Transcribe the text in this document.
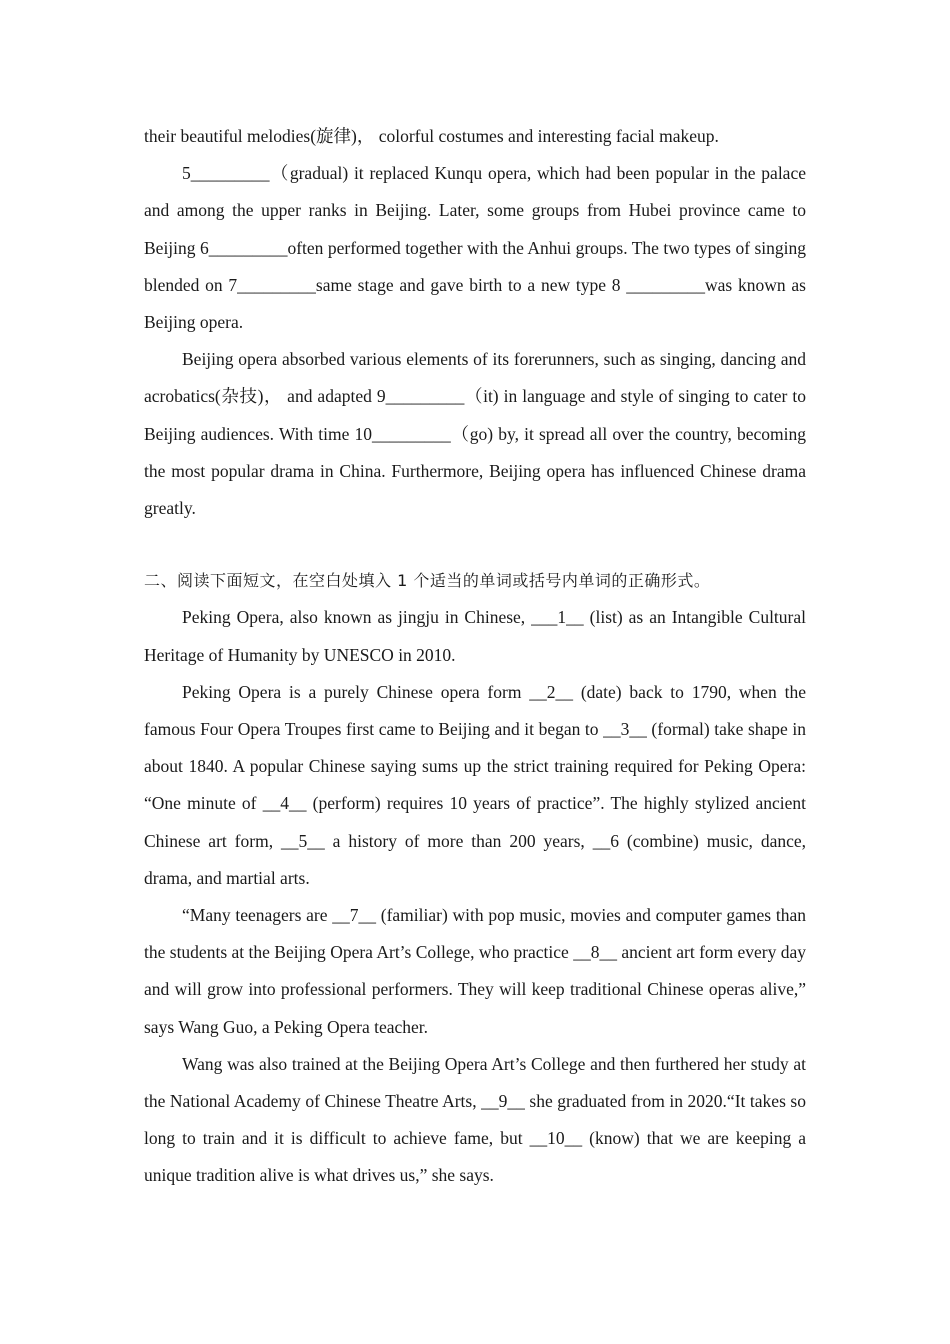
their beautiful melodies(旋律)， colorful costumes and interesting facial makeup.

5_________（gradual) it replaced Kunqu opera, which had been popular in the palace and among the upper ranks in Beijing. Later, some groups from Hubei province came to Beijing 6_________often performed together with the Anhui groups. The two types of singing blended on 7_________same stage and gave birth to a new type 8 _________was known as Beijing opera.

Beijing opera absorbed various elements of its forerunners, such as singing, dancing and acrobatics(杂技)， and adapted 9_________（it) in language and style of singing to cater to Beijing audiences. With time 10_________（go) by, it spread all over the country, becoming the most popular drama in China. Furthermore, Beijing opera has influenced Chinese drama greatly.

二、阅读下面短文，在空白处填入 1 个适当的单词或括号内单词的正确形式。

Peking Opera, also known as jingju in Chinese, ___1__ (list) as an Intangible Cultural Heritage of Humanity by UNESCO in 2010.

Peking Opera is a purely Chinese opera form __2__ (date) back to 1790, when the famous Four Opera Troupes first came to Beijing and it began to __3__ (formal) take shape in about 1840. A popular Chinese saying sums up the strict training required for Peking Opera: “One minute of __4__ (perform) requires 10 years of practice”. The highly stylized ancient Chinese art form, __5__ a history of more than 200 years, __6 (combine) music, dance, drama, and martial arts.

“Many teenagers are __7__ (familiar) with pop music, movies and computer games than the students at the Beijing Opera Art’s College, who practice __8__ ancient art form every day and will grow into professional performers. They will keep traditional Chinese operas alive,” says Wang Guo, a Peking Opera teacher.

Wang was also trained at the Beijing Opera Art’s College and then furthered her study at the National Academy of Chinese Theatre Arts, __9__ she graduated from in 2020.“It takes so long to train and it is difficult to achieve fame, but __10__ (know) that we are keeping a unique tradition alive is what drives us,” she says.
